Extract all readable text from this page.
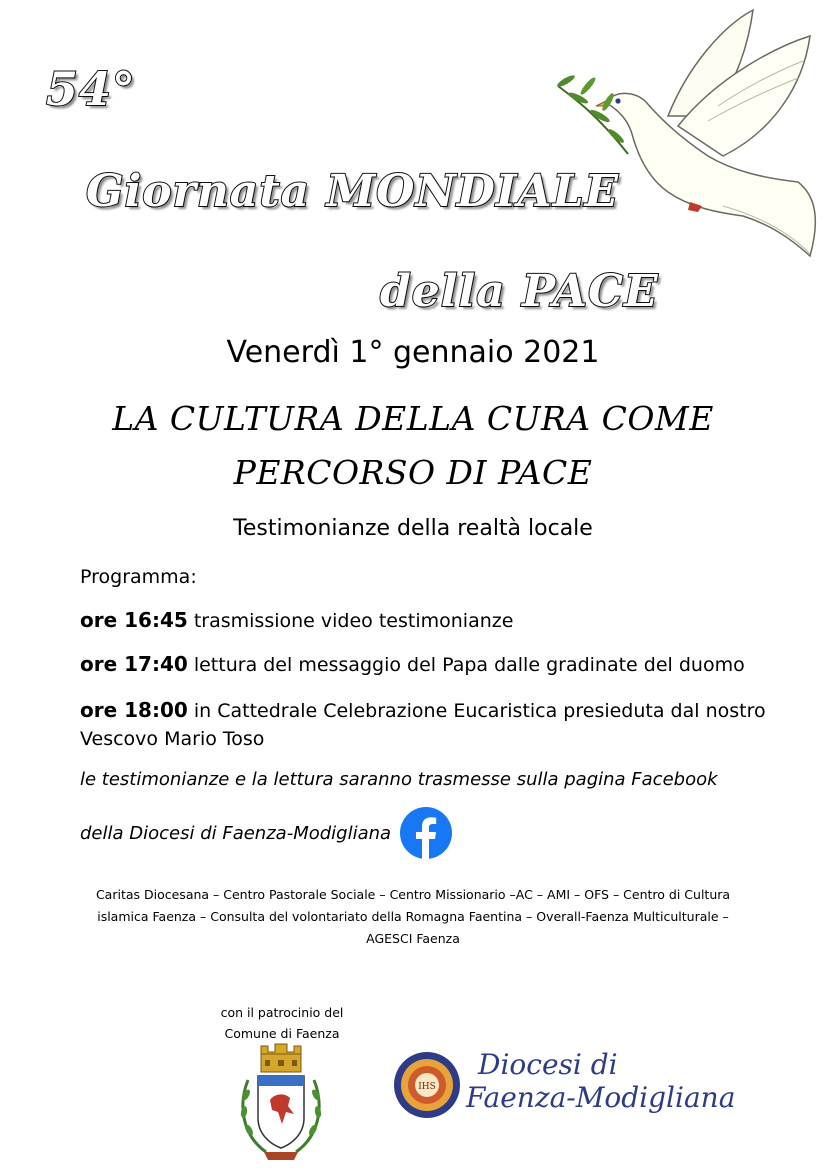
54°
Giornata MONDIALE
della PACE
Venerdì 1° gennaio 2021
LA CULTURA DELLA CURA COME
PERCORSO DI PACE
Testimonianze della realtà locale
Programma:
ore 16:45 trasmissione video testimonianze
ore 17:40 lettura del messaggio del Papa dalle gradinate del duomo
ore 18:00 in Cattedrale Celebrazione Eucaristica presieduta dal nostro
Vescovo Mario Toso
le testimonianze e la lettura saranno trasmesse sulla pagina Facebook
della Diocesi di Faenza-Modigliana
Caritas Diocesana – Centro Pastorale Sociale – Centro Missionario –AC – AMI – OFS – Centro di Cultura
islamica Faenza – Consulta del volontariato della Romagna Faentina – Overall-Faenza Multiculturale –
AGESCI Faenza
con il patrocinio del
Comune di Faenza
IHS
Diocesi di
Faenza-Modigliana
